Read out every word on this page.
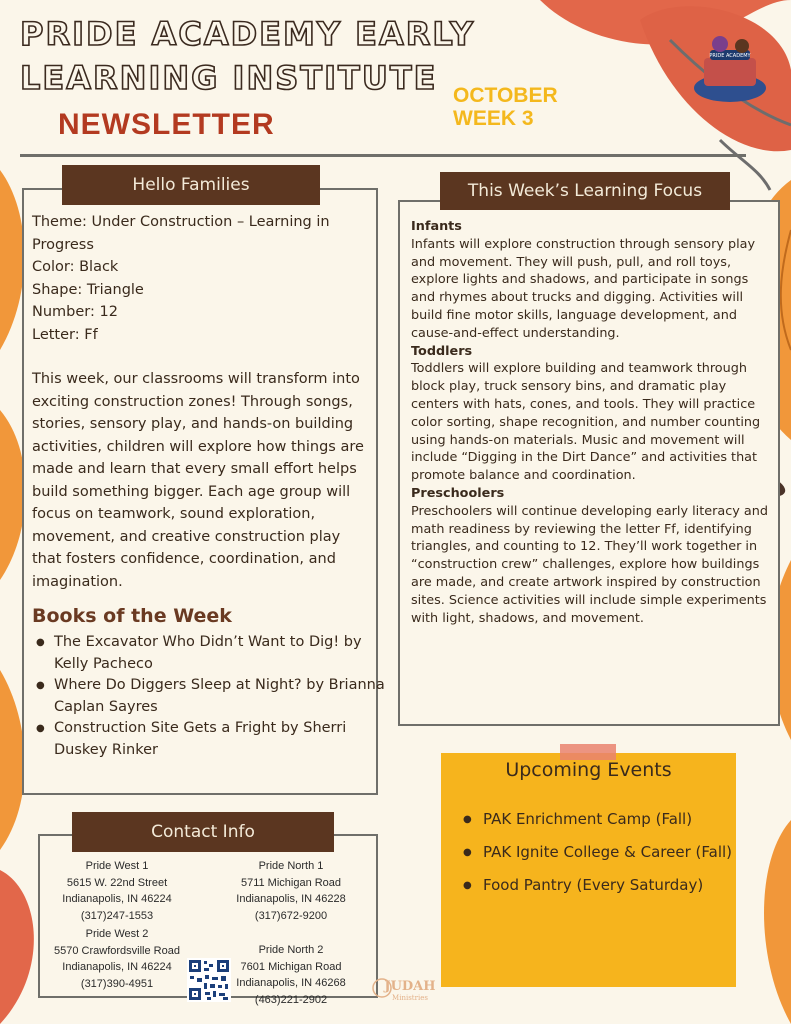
PRIDE ACADEMY EARLY
LEARNING INSTITUTE
NEWSLETTER
OCTOBER
WEEK 3
PRIDE ACADEMY
Hello Families

Theme: Under Construction – Learning in Progress

Color: Black

Shape: Triangle

Number: 12

Letter: Ff

This week, our classrooms will transform into exciting construction zones! Through songs, stories, sensory play, and hands-on building activities, children will explore how things are made and learn that every small effort helps build something bigger. Each age group will focus on teamwork, sound exploration, movement, and creative construction play that fosters confidence, coordination, and imagination.

Books of the Week
● The Excavator Who Didn’t Want to Dig! by Kelly Pacheco
● Where Do Diggers Sleep at Night? by Brianna Caplan Sayres
● Construction Site Gets a Fright by Sherri Duskey Rinker
This Week’s Learning Focus
Infants
Infants will explore construction through sensory play and movement. They will push, pull, and roll toys, explore lights and shadows, and participate in songs and rhymes about trucks and digging. Activities will build fine motor skills, language development, and cause-and-effect understanding.
Toddlers
Toddlers will explore building and teamwork through block play, truck sensory bins, and dramatic play centers with hats, cones, and tools. They will practice color sorting, shape recognition, and number counting using hands-on materials. Music and movement will include “Digging in the Dirt Dance” and activities that promote balance and coordination.
Preschoolers
Preschoolers will continue developing early literacy and math readiness by reviewing the letter Ff, identifying triangles, and counting to 12. They’ll work together in “construction crew” challenges, explore how buildings are made, and create artwork inspired by construction sites. Science activities will include simple experiments with light, shadows, and movement.
Upcoming Events
● PAK Enrichment Camp (Fall)
● PAK Ignite College & Career (Fall)
● Food Pantry (Every Saturday)
Contact Info
Pride West 1
5615 W. 22nd Street
Indianapolis, IN 46224
(317)247-1553
Pride North 1
5711 Michigan Road
Indianapolis, IN 46228
(317)672-9200
Pride West 2
5570 Crawfordsville Road
Indianapolis, IN 46224
(317)390-4951
Pride North 2
7601 Michigan Road
Indianapolis, IN 46268
(463)221-2902
JUDAH
Ministries
